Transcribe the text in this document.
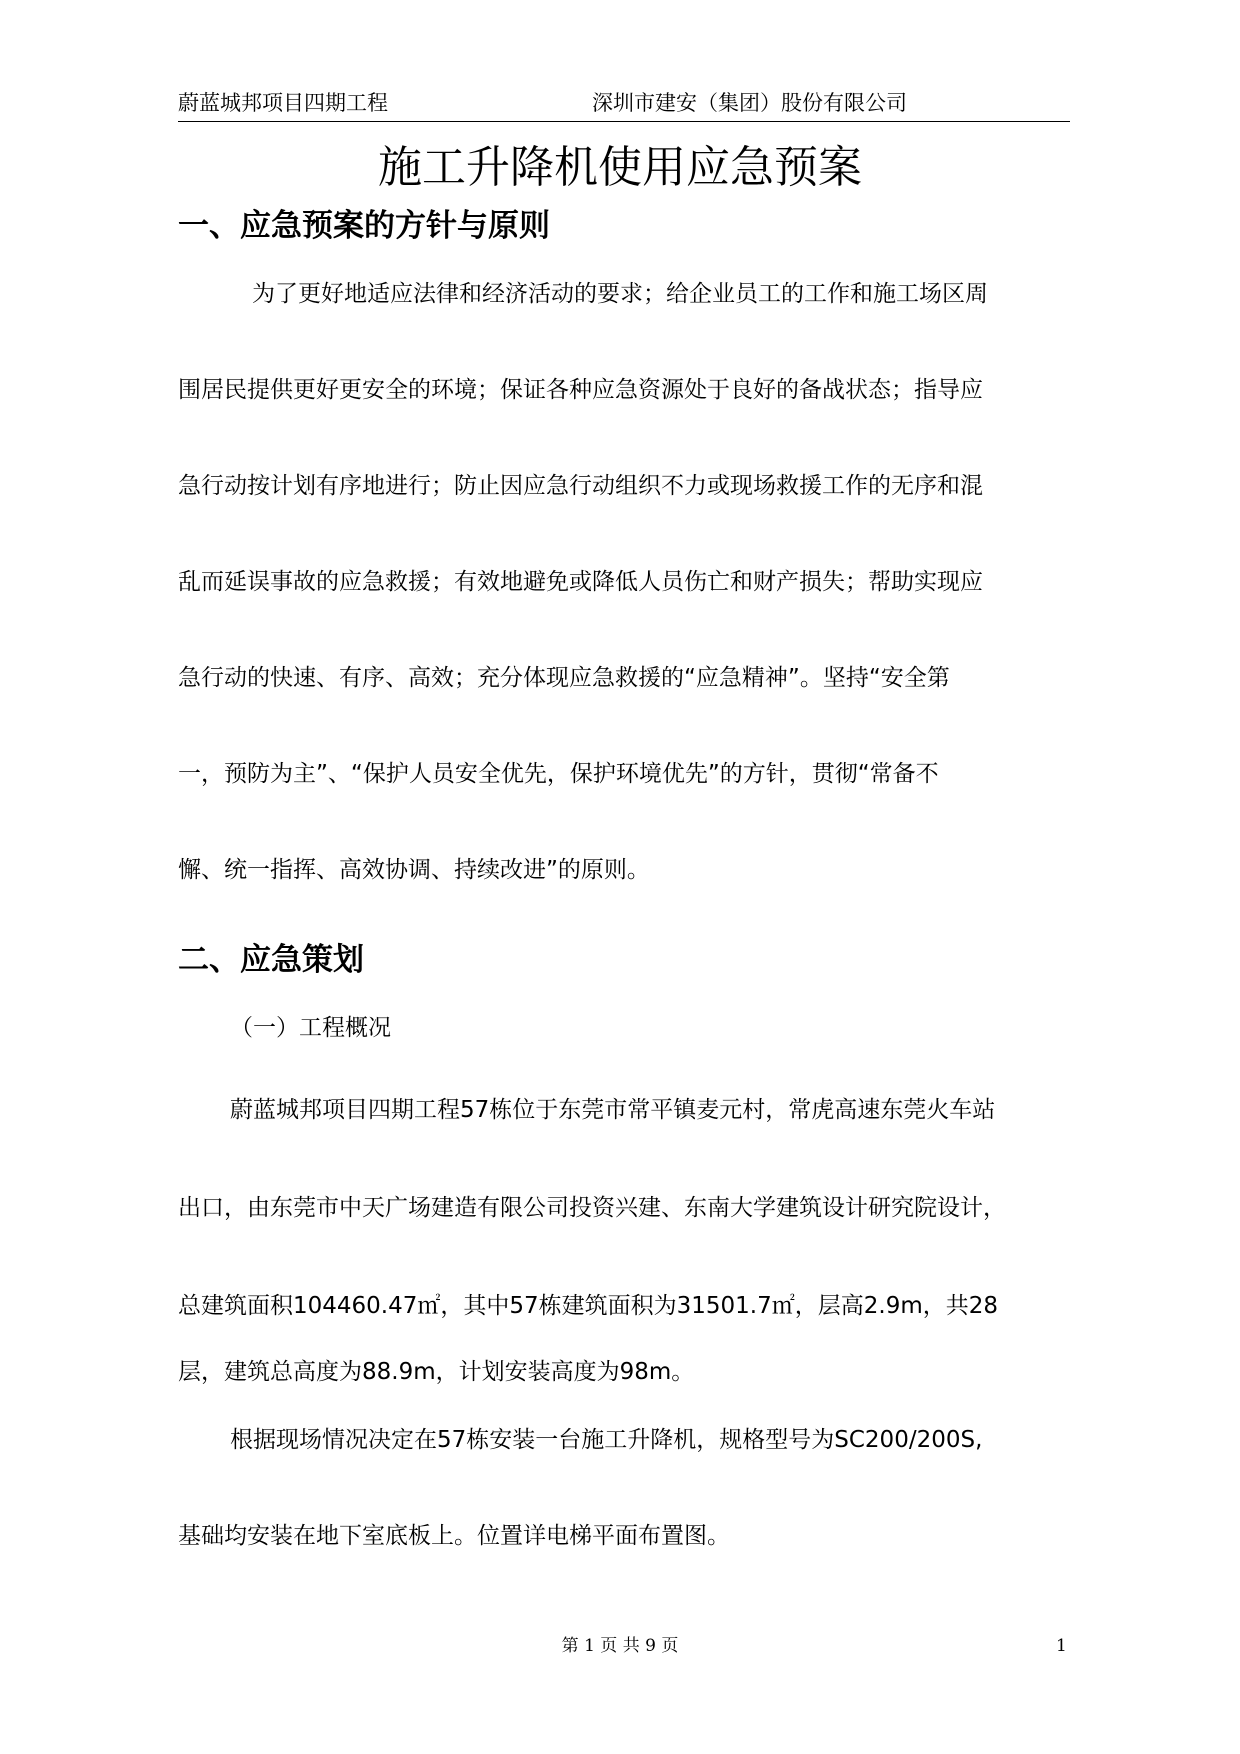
蔚蓝城邦项目四期工程	深圳市建安（集团）股份有限公司
施工升降机使用应急预案
一、应急预案的方针与原则
为了更好地适应法律和经济活动的要求；给企业员工的工作和施工场区周
围居民提供更好更安全的环境；保证各种应急资源处于良好的备战状态；指导应
急行动按计划有序地进行；防止因应急行动组织不力或现场救援工作的无序和混
乱而延误事故的应急救援；有效地避免或降低人员伤亡和财产损失；帮助实现应
急行动的快速、有序、高效；充分体现应急救援的“应急精神”。坚持“安全第
一，预防为主”、“保护人员安全优先，保护环境优先”的方针，贯彻“常备不
懈、统一指挥、高效协调、持续改进”的原则。
二、应急策划
（一）工程概况
蔚蓝城邦项目四期工程57栋位于东莞市常平镇麦元村，常虎高速东莞火车站
出口，由东莞市中天广场建造有限公司投资兴建、东南大学建筑设计研究院设计，
总建筑面积104460.47㎡，其中57栋建筑面积为31501.7㎡，层高2.9m，共28
层，建筑总高度为88.9m，计划安装高度为98m。
根据现场情况决定在57栋安装一台施工升降机，规格型号为SC200/200S,
基础均安装在地下室底板上。位置详电梯平面布置图。
第 1 页 共 9 页	1
